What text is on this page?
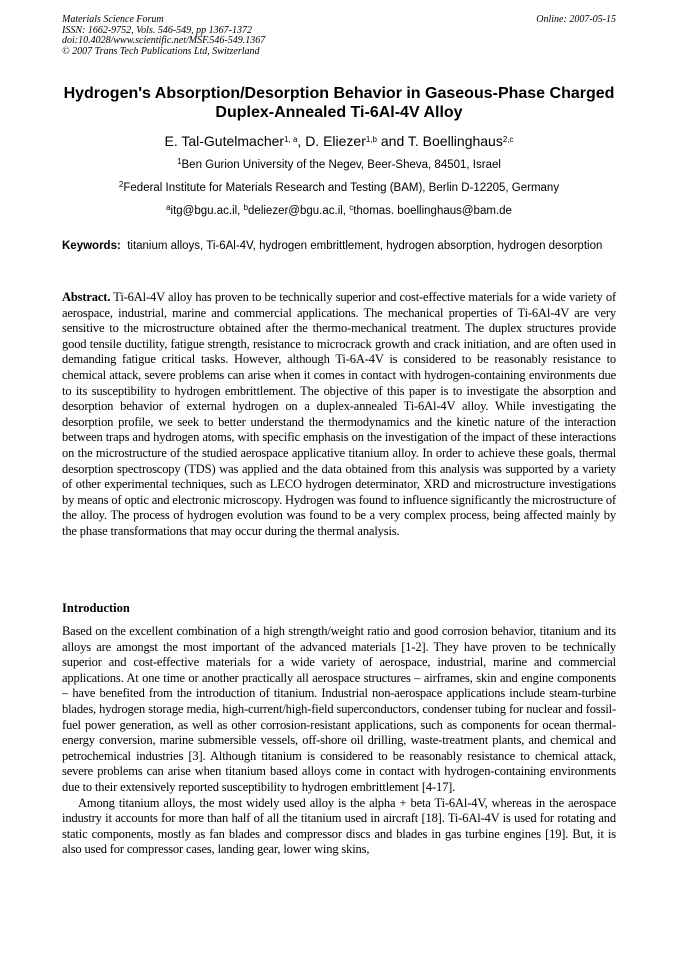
Materials Science Forum
ISSN: 1662-9752, Vols. 546-549, pp 1367-1372
doi:10.4028/www.scientific.net/MSF.546-549.1367
© 2007 Trans Tech Publications Ltd, Switzerland
Online: 2007-05-15
Hydrogen's Absorption/Desorption Behavior in Gaseous-Phase Charged Duplex-Annealed Ti-6Al-4V Alloy
E. Tal-Gutelmacher$^{1, a}$, D. Eliezer$^{1,b}$ and T. Boellinghaus$^{2,c}$
$^1$Ben Gurion University of the Negev, Beer-Sheva, 84501, Israel
$^2$Federal Institute for Materials Research and Testing (BAM), Berlin D-12205, Germany
$^a$itg@bgu.ac.il, $^b$deliezer@bgu.ac.il, $^c$thomas. boellinghaus@bam.de
Keywords: titanium alloys, Ti-6Al-4V, hydrogen embrittlement, hydrogen absorption, hydrogen desorption
Abstract. Ti-6Al-4V alloy has proven to be technically superior and cost-effective materials for a wide variety of aerospace, industrial, marine and commercial applications. The mechanical properties of Ti-6Al-4V are very sensitive to the microstructure obtained after the thermo-mechanical treatment. The duplex structures provide good tensile ductility, fatigue strength, resistance to microcrack growth and crack initiation, and are often used in demanding fatigue critical tasks. However, although Ti-6A-4V is considered to be reasonably resistance to chemical attack, severe problems can arise when it comes in contact with hydrogen-containing environments due to its susceptibility to hydrogen embrittlement. The objective of this paper is to investigate the absorption and desorption behavior of external hydrogen on a duplex-annealed Ti-6Al-4V alloy. While investigating the desorption profile, we seek to better understand the thermodynamics and the kinetic nature of the interaction between traps and hydrogen atoms, with specific emphasis on the investigation of the impact of these interactions on the microstructure of the studied aerospace applicative titanium alloy. In order to achieve these goals, thermal desorption spectroscopy (TDS) was applied and the data obtained from this analysis was supported by a variety of other experimental techniques, such as LECO hydrogen determinator, XRD and microstructure investigations by means of optic and electronic microscopy. Hydrogen was found to influence significantly the microstructure of the alloy. The process of hydrogen evolution was found to be a very complex process, being affected mainly by the phase transformations that may occur during the thermal analysis.
Introduction

Based on the excellent combination of a high strength/weight ratio and good corrosion behavior, titanium and its alloys are amongst the most important of the advanced materials [1-2]. They have proven to be technically superior and cost-effective materials for a wide variety of aerospace, industrial, marine and commercial applications. At one time or another practically all aerospace structures – airframes, skin and engine components – have benefited from the introduction of titanium. Industrial non-aerospace applications include steam-turbine blades, hydrogen storage media, high-current/high-field superconductors, condenser tubing for nuclear and fossil-fuel power generation, as well as other corrosion-resistant applications, such as components for ocean thermal-energy conversion, marine submersible vessels, off-shore oil drilling, waste-treatment plants, and chemical and petrochemical industries [3]. Although titanium is considered to be reasonably resistance to chemical attack, severe problems can arise when titanium based alloys come in contact with hydrogen-containing environments due to their extensively reported susceptibility to hydrogen embrittlement [4-17].

Among titanium alloys, the most widely used alloy is the alpha + beta Ti-6Al-4V, whereas in the aerospace industry it accounts for more than half of all the titanium used in aircraft [18]. Ti-6Al-4V is used for rotating and static components, mostly as fan blades and compressor discs and blades in gas turbine engines [19]. But, it is also used for compressor cases, landing gear, lower wing skins,
